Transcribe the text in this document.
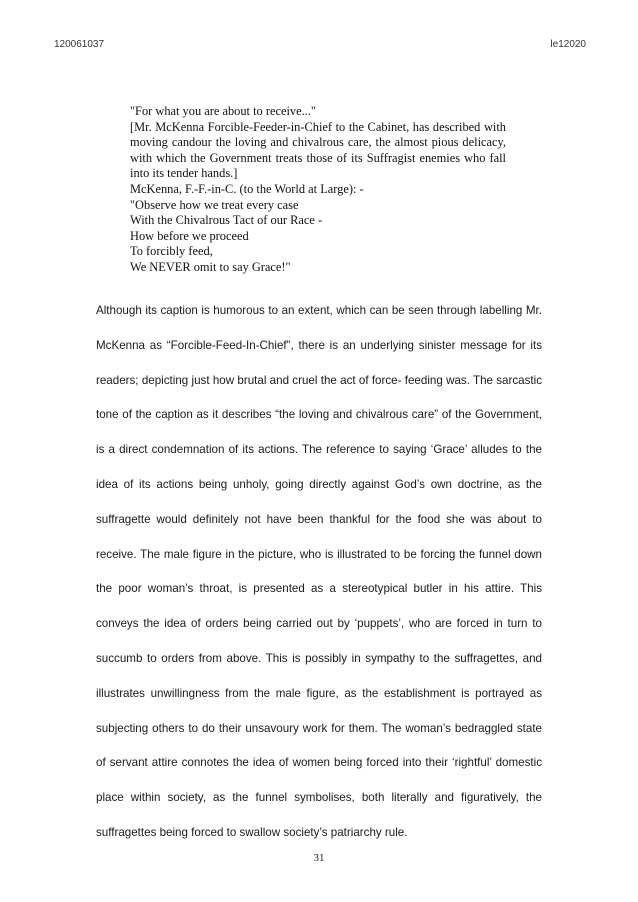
120061037	le12020
"For what you are about to receive..."
[Mr. McKenna Forcible-Feeder-in-Chief to the Cabinet, has described with moving candour the loving and chivalrous care, the almost pious delicacy, with which the Government treats those of its Suffragist enemies who fall into its tender hands.]
McKenna, F.-F.-in-C. (to the World at Large): -
"Observe how we treat every case
With the Chivalrous Tact of our Race -
How before we proceed
To forcibly feed,
We NEVER omit to say Grace!"

Although its caption is humorous to an extent, which can be seen through labelling Mr. McKenna as “Forcible-Feed-In-Chief”, there is an underlying sinister message for its readers; depicting just how brutal and cruel the act of force- feeding was. The sarcastic tone of the caption as it describes “the loving and chivalrous care” of the Government, is a direct condemnation of its actions. The reference to saying ‘Grace’ alludes to the idea of its actions being unholy, going directly against God’s own doctrine, as the suffragette would definitely not have been thankful for the food she was about to receive. The male figure in the picture, who is illustrated to be forcing the funnel down the poor woman’s throat, is presented as a stereotypical butler in his attire. This conveys the idea of orders being carried out by ‘puppets’, who are forced in turn to succumb to orders from above. This is possibly in sympathy to the suffragettes, and illustrates unwillingness from the male figure, as the establishment is portrayed as subjecting others to do their unsavoury work for them. The woman’s bedraggled state of servant attire connotes the idea of women being forced into their ‘rightful’ domestic place within society, as the funnel symbolises, both literally and figuratively, the suffragettes being forced to swallow society’s patriarchy rule.

31
